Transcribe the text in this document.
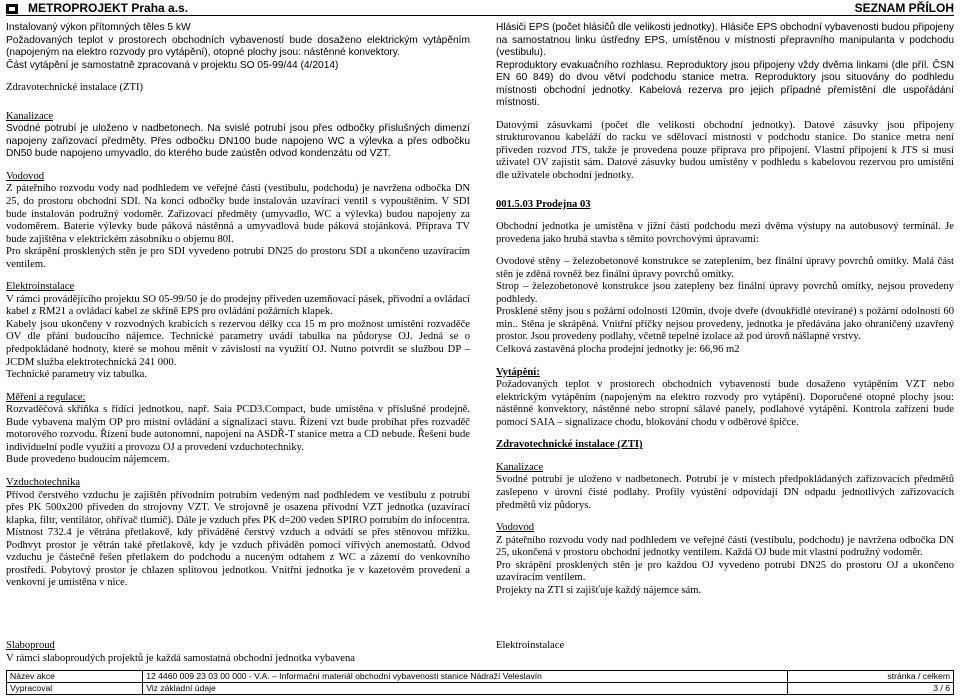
METROPROJEKT Praha a.s.	SEZNAM PŘÍLOH

Instalovaný výkon přítomných těles 5 kW

Požadovaných teplot v prostorech obchodních vybaveností bude dosaženo elektrickým vytápěním (napojeným na elektro rozvody pro vytápění), otopné plochy jsou: nástěnné konvektory.

Část vytápění je samostatně zpracovaná v projektu SO 05-99/44 (4/2014)

Zdravotechnické instalace (ZTI)

Kanalizace

Svodné potrubí je uloženo v nadbetonech. Na svislé potrubí jsou přes odbočky příslušných dimenzí napojeny zařizovací předměty. Přes odbočku DN100 bude napojeno WC a výlevka a přes odbočku DN50 bude napojeno umyvadlo, do kterého bude zaústěn odvod kondenzátu od VZT.

Vodovod

Z páteřního rozvodu vody nad podhledem ve veřejné části (vestibulu, podchodu) je navržena odbočka DN 25, do prostoru obchodní SDI. Na konci odbočky bude instalován uzavírací ventil s vypouštěním. V SDI bude instalován podružný vodoměr. Zařizovací předměty (umyvadlo, WC a výlevka) budou napojeny za vodoměrem. Baterie výlevky bude páková nástěnná a umyvadlová bude páková stojánková. Příprava TV bude zajištěna v elektrickém zásobníku o objemu 80l.

Pro skrápění prosklených stěn je pro SDI vyvedeno potrubí DN25 do prostoru SDI a ukončeno uzavíracím ventilem.

Elektroinstalace

V rámci provádějícího projektu SO 05-99/50 je do prodejny přiveden uzemňovací pásek, přívodní a ovládací kabel z RM21 a ovládací kabel ze skříně EPS pro ovládání požárních klapek.

Kabely jsou ukončeny v rozvodných krabicích s rezervou délky cca 15 m pro možnost umístění rozvaděče OV dle přání budoucího nájemce. Technické parametry uvádí tabulka na půdoryse OJ. Jedná se o předpokládané hodnoty, které se mohou měnit v závislosti na využití OJ. Nutno potvrdit se službou DP – JCDM služba elektrotechnická 241 000.

Technické parametry viz tabulka.

Měření a regulace:

Rozvaděčová skříňka s řídící jednotkou, např. Saia PCD3.Compact, bude umístěna v příslušné prodejně. Bude vybavena malým OP pro místní ovládání a signalizaci stavu. Řízení vzt bude probíhat přes rozvaděč motorového rozvodu. Řízení bude autonomní, napojení na ASDŘ-T stanice metra a CD nebude. Řešení bude individuelní podle využití a provozu OJ a provedení vzduchotechniky.

Bude provedeno budoucím nájemcem.

Vzduchotechnika

Přívod čerstvého vzduchu je zajištěn přívodním potrubím vedeným nad podhledem ve vestibulu z potrubí přes PK 500x200 přiveden do strojovny VZT. Ve strojovně je osazena přívodní VZT jednotka (uzavírací klapka, filtr, ventilátor, ohřívač tlumič). Dále je vzduch přes PK d=200 veden SPIRO potrubím do infocentra. Místnost 732.4 je větrána přetlakově, kdy přiváděné čerstvý vzduch a odvádí se přes stěnovou mřížku. Podhvyt prostor je větrán také přetlakově, kdy je vzduch přiváděn pomocí vířivých anemostatů. Odvod vzduchu je částečně řešen přetlakem do podchodu a nuceným odtahem z WC a zázemí do venkovního prostředí. Pobytový prostor je chlazen splitovou jednotkou. Vnitřní jednotka je v kazetovém provedení a venkovní je umístěna v nice.

Hlásiči EPS (počet hlásičů dle velikosti jednotky). Hlásiče EPS obchodní vybavenosti budou připojeny na samostatnou linku ústředny EPS, umístěnou v místnosti přepravního manipulanta v podchodu (vestibulu).

Reproduktory evakuačního rozhlasu. Reproduktory jsou připojeny vždy dvěma linkami (dle příl. ČSN EN 60 849) do dvou větví podchodu stanice metra. Reproduktory jsou situovány do podhledu místnosti obchodní jednotky. Kabelová rezerva pro jejich případné přemístění dle uspořádání místnosti.

Datovými zásuvkami (počet dle velikosti obchodní jednotky). Datové zásuvky jsou připojeny strukturovanou kabeláží do racku ve sdělovací místnosti v podchodu stanice. Do stanice metra není přiveden rozvod JTS, takže je provedena pouze příprava pro připojení. Vlastní připojení k JTS si musí uživatel OV zajistit sám. Datové zásuvky budou umístěny v podhledu s kabelovou rezervou pro umístění dle uživatele obchodní jednotky.

001.5.03 Prodejna 03

Obchodní jednotka je umístěna v jižní části podchodu mezi dvěma výstupy na autobusový terminál. Je provedena jako hrubá stavba s těmito povrchovými úpravami:

Ovodové stěny – železobetonové konstrukce se zateplením, bez finální úpravy povrchů omítky. Malá část stěn je zděná rovněž bez finální úpravy povrchů omítky.

Strop – železobetonové konstrukce jsou zatepleny bez finální úpravy povrchů omítky, nejsou provedeny podhledy.

Prosklené stěny jsou s požární odolností 120min, dvoje dveře (dvoukřídlé otevírané) s požární odolností 60 min.. Stěna je skrápěná. Vnitřní příčky nejsou provedeny, jednotka je předávána jako ohraničený uzavřený prostor. Jsou provedeny podlahy, včetně tepelné izolace až pod úrovň nášlapné vrstvy.

Celková zastavěná plocha prodejní jednotky je: 66,96 m2

Vytápění:

Požadovaných teplot v prostorech obchodních vybaveností bude dosaženo vytápěním VZT nebo elektrickým vytápěním (napojeným na elektro rozvody pro vytápění). Doporučené otopné plochy jsou: nástěnné konvektory, nástěnné nebo stropní sálavé panely, podlahové vytápění. Kontrola zařízení bude pomocí SAIA – signalizace chodu, blokování chodu v odběrové špičce.

Zdravotechnické instalace (ZTI)

Kanalizace

Svodné potrubí je uloženo v nadbetonech. Potrubí je v místech předpokládaných zařizovacích předmětů zaslepeno v úrovni čisté podlahy. Profily vyústění odpovídají DN odpadu jednotlivých zařizovacích předmětů viz půdorys.

Vodovod

Z páteřního rozvodu vody nad podhledem ve veřejné části (vestibulu, podchodu) je navržena odbočka DN 25, ukončená v prostoru obchodní jednotky ventilem. Každá OJ bude mít vlastní podružný vodoměr.

Pro skrápění prosklených stěn je pro každou OJ vyvedeno potrubí DN25 do prostoru OJ a ukončeno uzavíracím ventilem.

Projekty na ZTI si zajišťuje každý nájemce sám.

Slaboproud
V rámci slaboproudých projektů je každá samostatná obchodní jednotka vybavena
Elektroinstalace
Název akce	12 4460 009 23 03 00 000 - V.A. – Informační materiál obchodní vybavenosti stanice Nádraží Veleslavín	stránka / celkem
Vypracoval	Viz základní údaje	3 / 6
